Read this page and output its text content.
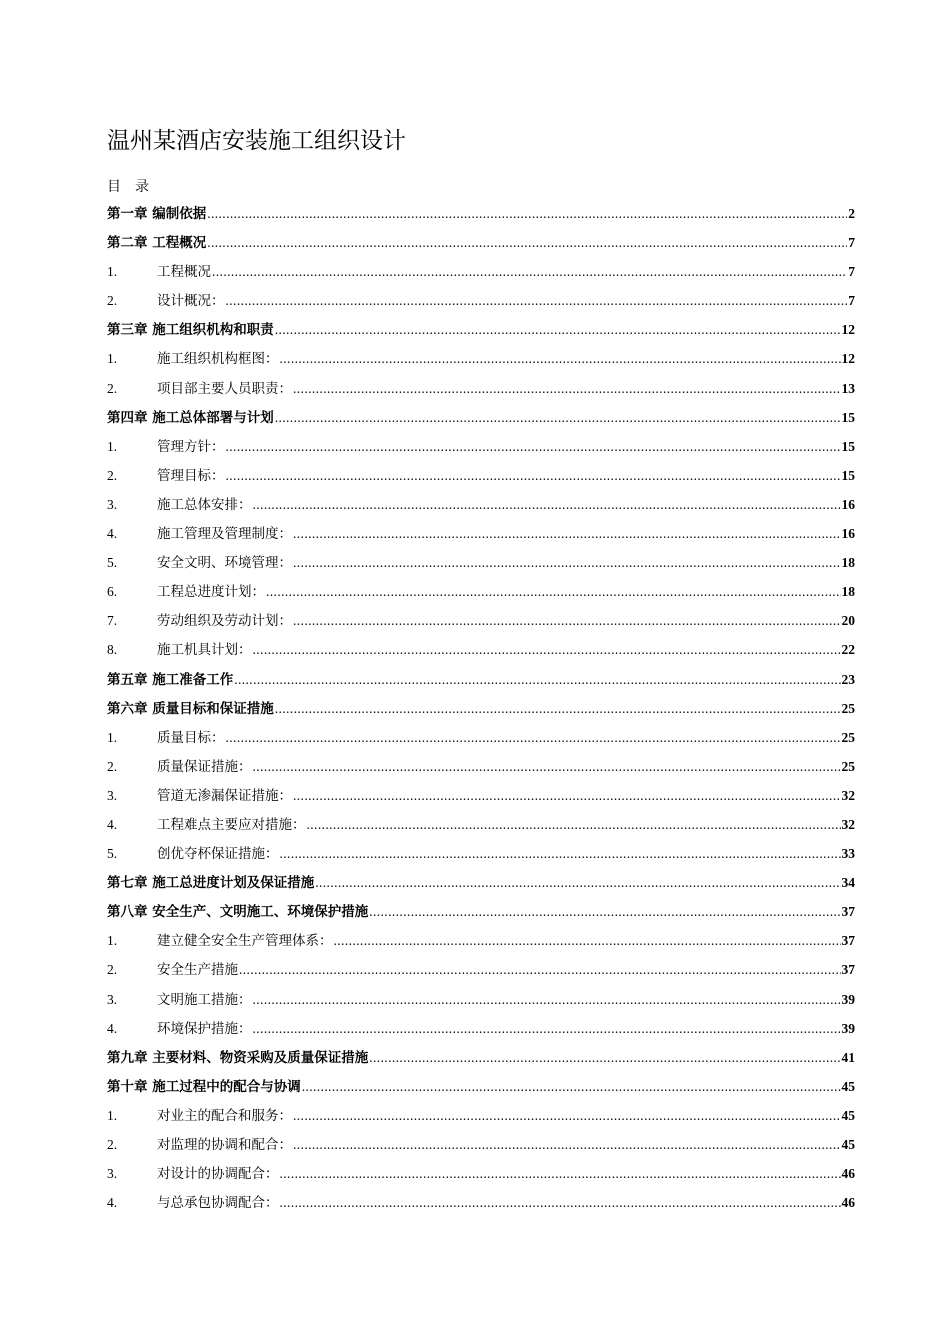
温州某酒店安装施工组织设计
目　录
第一章 编制依据 .....	2
第二章 工程概况 .....	7
1.	工程概况 .....	7
2.	设计概况： .....	7
第三章 施工组织机构和职责 .....	12
1.	施工组织机构框图： .....	12
2.	项目部主要人员职责： .....	13
第四章 施工总体部署与计划 .....	15
1.	管理方针： .....	15
2.	管理目标： .....	15
3.	施工总体安排： .....	16
4.	施工管理及管理制度： .....	16
5.	安全文明、环境管理： .....	18
6.	工程总进度计划： .....	18
7.	劳动组织及劳动计划： .....	20
8.	施工机具计划： .....	22
第五章 施工准备工作 .....	23
第六章 质量目标和保证措施 .....	25
1.	质量目标： .....	25
2.	质量保证措施： .....	25
3.	管道无渗漏保证措施： .....	32
4.	工程难点主要应对措施： .....	32
5.	创优夺杯保证措施： .....	33
第七章 施工总进度计划及保证措施 .....	34
第八章 安全生产、文明施工、环境保护措施 .....	37
1.	建立健全安全生产管理体系： .....	37
2.	安全生产措施 .....	37
3.	文明施工措施： .....	39
4.	环境保护措施： .....	39
第九章 主要材料、物资采购及质量保证措施 .....	41
第十章 施工过程中的配合与协调 .....	45
1.	对业主的配合和服务： .....	45
2.	对监理的协调和配合： .....	45
3.	对设计的协调配合： .....	46
4.	与总承包协调配合： .....	46
